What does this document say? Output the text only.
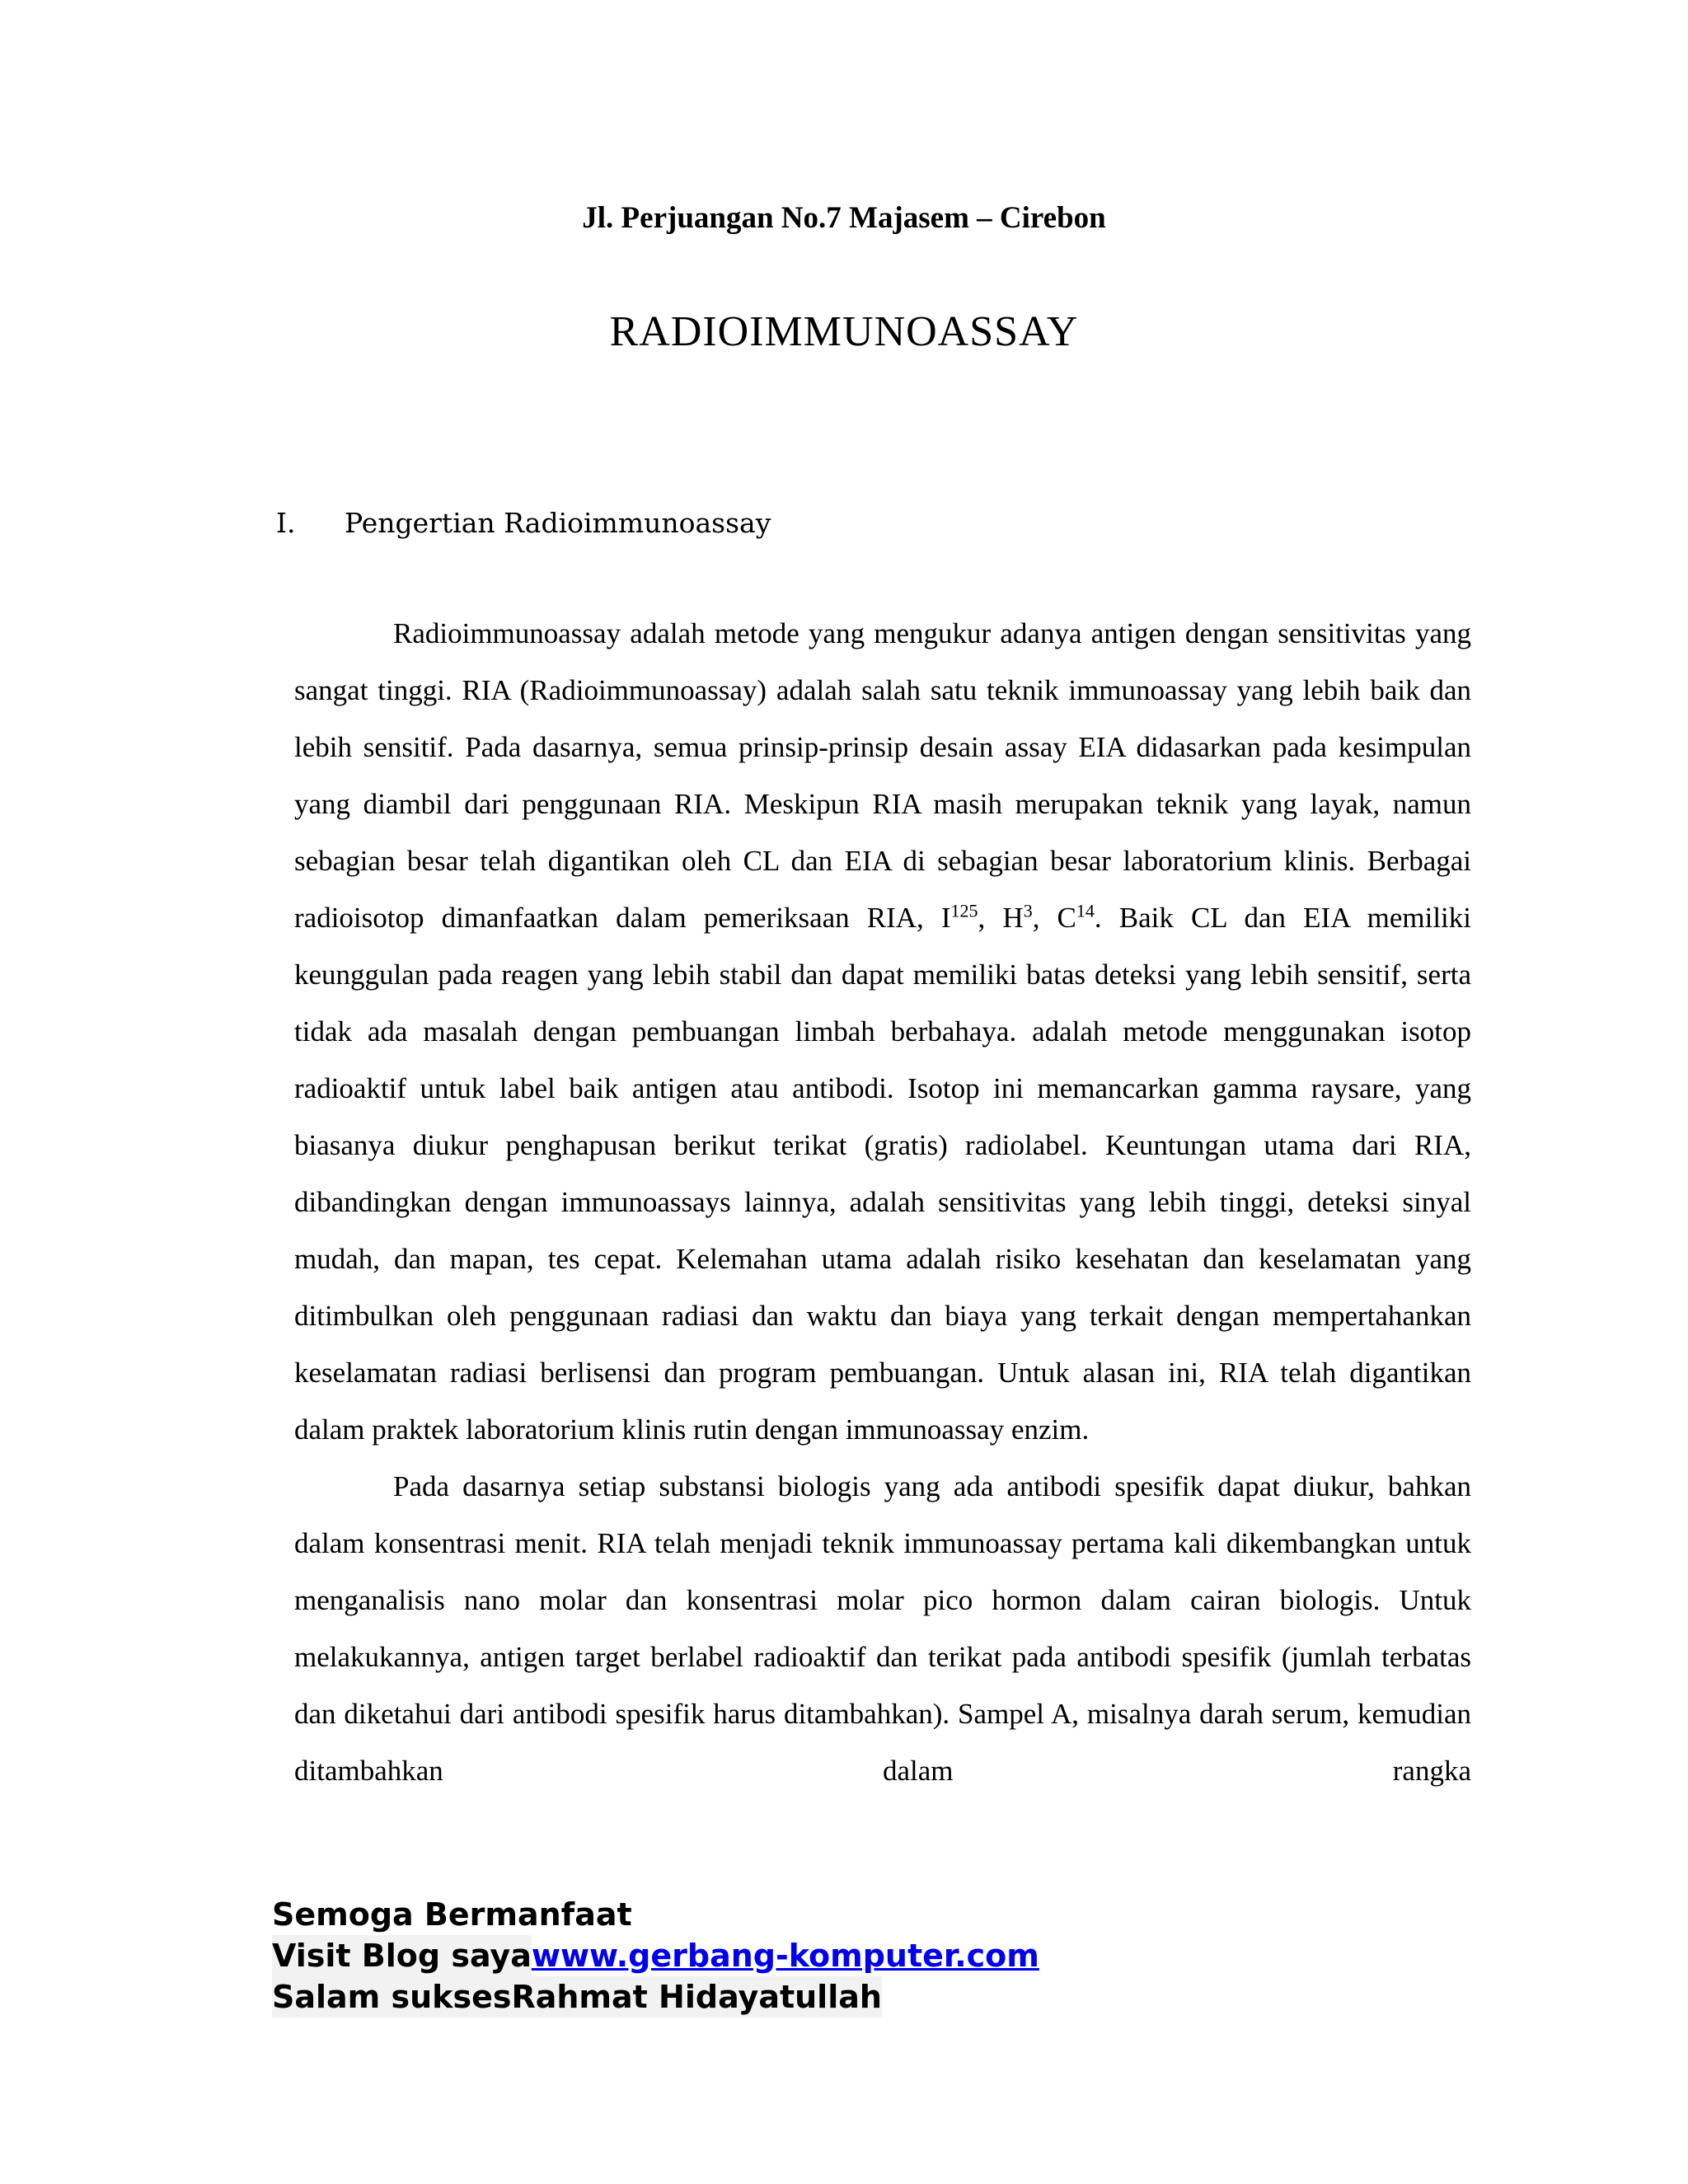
Jl. Perjuangan No.7 Majasem – Cirebon
RADIOIMMUNOASSAY
I. Pengertian Radioimmunoassay

Radioimmunoassay adalah metode yang mengukur adanya antigen dengan sensitivitas yang sangat tinggi. RIA (Radioimmunoassay) adalah salah satu teknik immunoassay yang lebih baik dan lebih sensitif. Pada dasarnya, semua prinsip-prinsip desain assay EIA didasarkan pada kesimpulan yang diambil dari penggunaan RIA. Meskipun RIA masih merupakan teknik yang layak, namun sebagian besar telah digantikan oleh CL dan EIA di sebagian besar laboratorium klinis. Berbagai radioisotop dimanfaatkan dalam pemeriksaan RIA, $I^{125}$, $H^3$, $C^{14}$. Baik CL dan EIA memiliki keunggulan pada reagen yang lebih stabil dan dapat memiliki batas deteksi yang lebih sensitif, serta tidak ada masalah dengan pembuangan limbah berbahaya. adalah metode menggunakan isotop radioaktif untuk label baik antigen atau antibodi. Isotop ini memancarkan gamma raysare, yang biasanya diukur penghapusan berikut terikat (gratis) radiolabel. Keuntungan utama dari RIA, dibandingkan dengan immunoassays lainnya, adalah sensitivitas yang lebih tinggi, deteksi sinyal mudah, dan mapan, tes cepat. Kelemahan utama adalah risiko kesehatan dan keselamatan yang ditimbulkan oleh penggunaan radiasi dan waktu dan biaya yang terkait dengan mempertahankan keselamatan radiasi berlisensi dan program pembuangan. Untuk alasan ini, RIA telah digantikan dalam praktek laboratorium klinis rutin dengan immunoassay enzim.

Pada dasarnya setiap substansi biologis yang ada antibodi spesifik dapat diukur, bahkan dalam konsentrasi menit. RIA telah menjadi teknik immunoassay pertama kali dikembangkan untuk menganalisis nano molar dan konsentrasi molar pico hormon dalam cairan biologis. Untuk melakukannya, antigen target berlabel radioaktif dan terikat pada antibodi spesifik (jumlah terbatas dan diketahui dari antibodi spesifik harus ditambahkan). Sampel A, misalnya darah serum, kemudian ditambahkan dalam rangka

Semoga Bermanfaat
Visit Blog sayawww.gerbang-komputer.com
Salam suksesRahmat Hidayatullah
